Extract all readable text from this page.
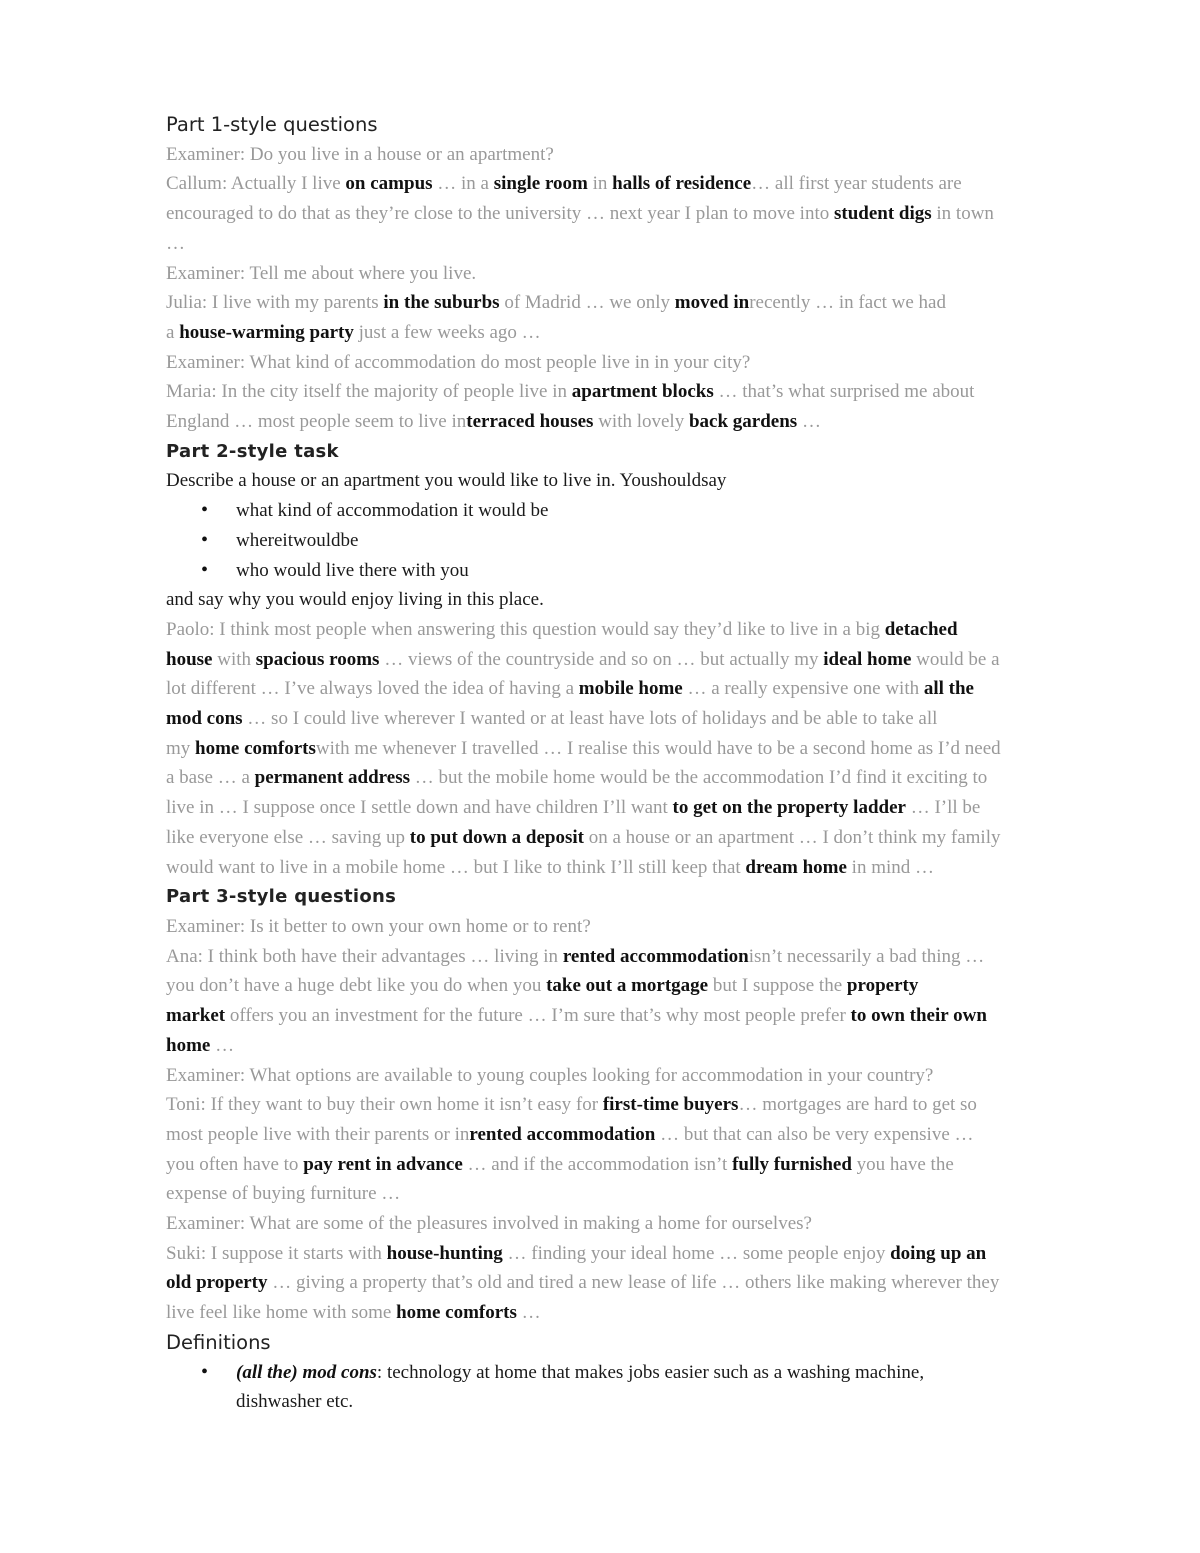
Part 1-style questions
Examiner: Do you live in a house or an apartment?
Callum: Actually I live on campus … in a single room in halls of residence… all first year students are
encouraged to do that as they’re close to the university … next year I plan to move into student digs in town
…
Examiner: Tell me about where you live.
Julia: I live with my parents in the suburbs of Madrid … we only moved inrecently … in fact we had
a house-warming party just a few weeks ago …
Examiner: What kind of accommodation do most people live in in your city?
Maria: In the city itself the majority of people live in apartment blocks … that’s what surprised me about
England … most people seem to live interraced houses with lovely back gardens …
Part 2-style task
Describe a house or an apartment you would like to live in. Youshouldsay
• what kind of accommodation it would be
• whereitwouldbe
• who would live there with you
and say why you would enjoy living in this place.
Paolo: I think most people when answering this question would say they’d like to live in a big detached
house with spacious rooms … views of the countryside and so on … but actually my ideal home would be a
lot different … I’ve always loved the idea of having a mobile home … a really expensive one with all the
mod cons … so I could live wherever I wanted or at least have lots of holidays and be able to take all
my home comfortswith me whenever I travelled … I realise this would have to be a second home as I’d need
a base … a permanent address … but the mobile home would be the accommodation I’d find it exciting to
live in … I suppose once I settle down and have children I’ll want to get on the property ladder … I’ll be
like everyone else … saving up to put down a deposit on a house or an apartment … I don’t think my family
would want to live in a mobile home … but I like to think I’ll still keep that dream home in mind …
Part 3-style questions
Examiner: Is it better to own your own home or to rent?
Ana: I think both have their advantages … living in rented accommodationisn’t necessarily a bad thing …
you don’t have a huge debt like you do when you take out a mortgage but I suppose the property
market offers you an investment for the future … I’m sure that’s why most people prefer to own their own
home …
Examiner: What options are available to young couples looking for accommodation in your country?
Toni: If they want to buy their own home it isn’t easy for first-time buyers… mortgages are hard to get so
most people live with their parents or inrented accommodation … but that can also be very expensive …
you often have to pay rent in advance … and if the accommodation isn’t fully furnished you have the
expense of buying furniture …
Examiner: What are some of the pleasures involved in making a home for ourselves?
Suki: I suppose it starts with house-hunting … finding your ideal home … some people enjoy doing up an
old property … giving a property that’s old and tired a new lease of life … others like making wherever they
live feel like home with some home comforts …
Definitions
• (all the) mod cons: technology at home that makes jobs easier such as a washing machine,
dishwasher etc.
